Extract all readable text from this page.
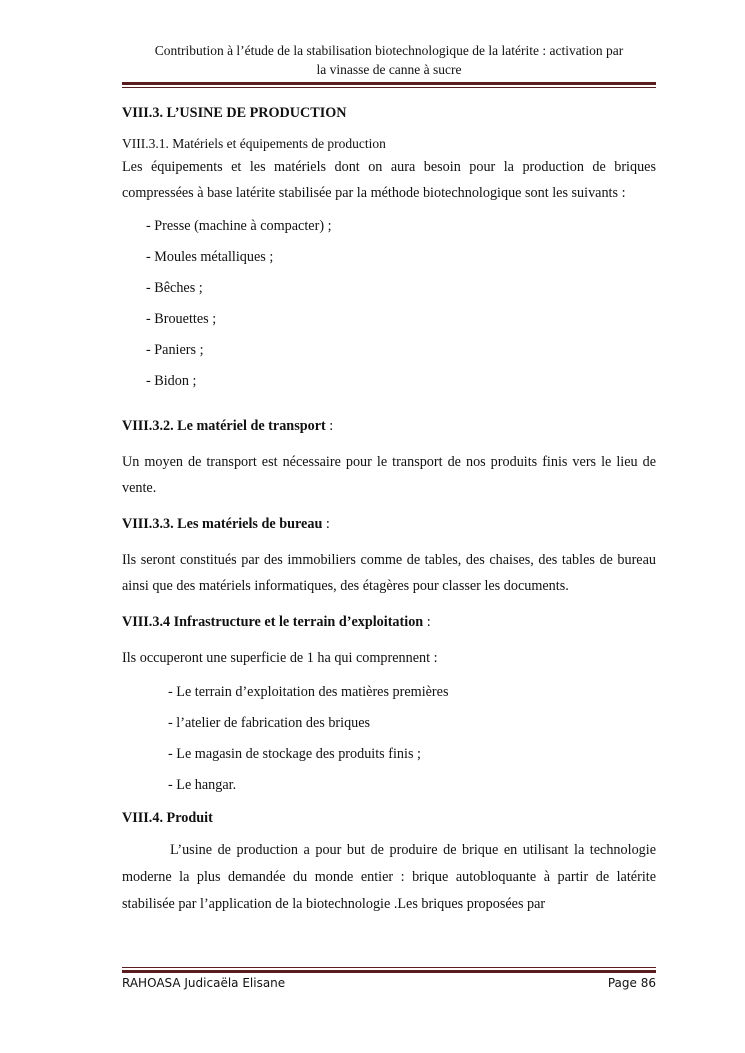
Contribution à l’étude de la stabilisation biotechnologique de la latérite : activation par
la vinasse de canne à sucre

VIII.3. L’USINE DE PRODUCTION

VIII.3.1. Matériels et équipements de production

Les équipements et les matériels dont on aura besoin pour la production de briques compressées à base latérite stabilisée par la méthode biotechnologique sont les suivants :

- Presse (machine à compacter) ;
- Moules métalliques ;
- Bêches ;
- Brouettes ;
- Paniers ;
- Bidon ;

VIII.3.2. Le matériel de transport :

Un moyen de transport est nécessaire pour le transport de nos produits finis vers le lieu de vente.

VIII.3.3. Les matériels de bureau :

Ils seront constitués par des immobiliers comme de tables, des chaises, des tables de bureau ainsi que des matériels informatiques, des étagères pour classer les documents.

VIII.3.4 Infrastructure et le terrain d’exploitation :

Ils occuperont une superficie de 1 ha qui comprennent :

- Le terrain d’exploitation des matières premières
- l’atelier de fabrication des briques
- Le magasin de stockage des produits finis ;
- Le hangar.

VIII.4. Produit

L’usine de production a pour but de produire de brique en utilisant la technologie moderne la plus demandée du monde entier : brique autobloquante à partir de latérite stabilisée par l’application de la biotechnologie .Les briques proposées par

RAHOASA Judicaëla Elisane	Page 86
